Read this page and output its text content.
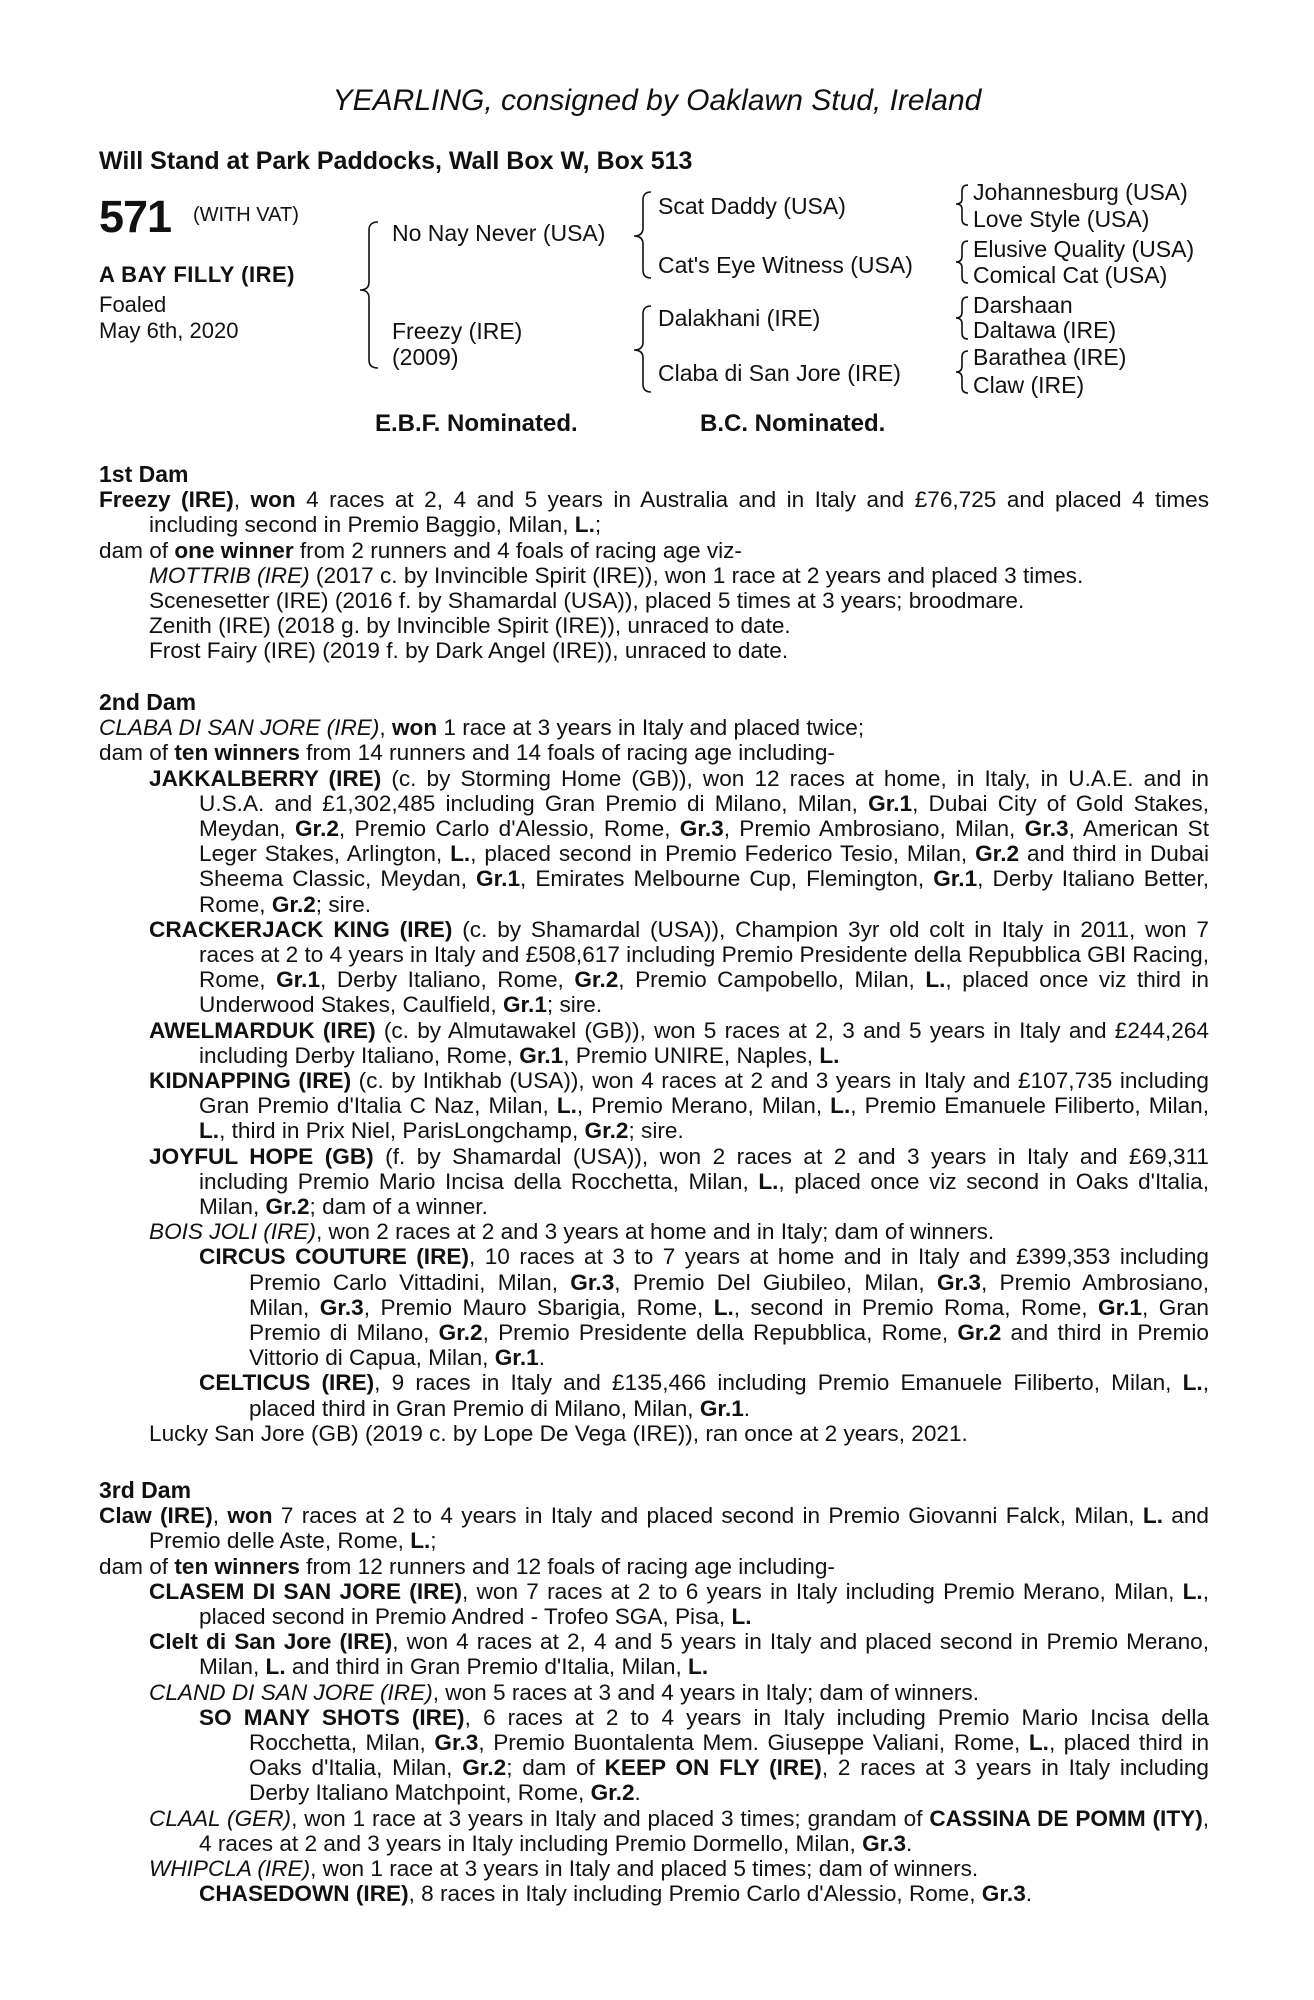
YEARLING, consigned by Oaklawn Stud, Ireland
Will Stand at Park Paddocks, Wall Box W, Box 513
571 (WITH VAT)
A BAY FILLY (IRE)
Foaled
May 6th, 2020
No Nay Never (USA)
Freezy (IRE)
(2009)
Scat Daddy (USA)
Cat's Eye Witness (USA)
Dalakhani (IRE)
Claba di San Jore (IRE)
Johannesburg (USA)
Love Style (USA)
Elusive Quality (USA)
Comical Cat (USA)
Darshaan
Daltawa (IRE)
Barathea (IRE)
Claw (IRE)
E.B.F. Nominated.	B.C. Nominated.
1st Dam

Freezy (IRE), won 4 races at 2, 4 and 5 years in Australia and in Italy and £76,725 and placed 4 times including second in Premio Baggio, Milan, L.;

dam of one winner from 2 runners and 4 foals of racing age viz-

MOTTRIB (IRE) (2017 c. by Invincible Spirit (IRE)), won 1 race at 2 years and placed 3 times.

Scenesetter (IRE) (2016 f. by Shamardal (USA)), placed 5 times at 3 years; broodmare.

Zenith (IRE) (2018 g. by Invincible Spirit (IRE)), unraced to date.

Frost Fairy (IRE) (2019 f. by Dark Angel (IRE)), unraced to date.

2nd Dam

CLABA DI SAN JORE (IRE), won 1 race at 3 years in Italy and placed twice;

dam of ten winners from 14 runners and 14 foals of racing age including-

JAKKALBERRY (IRE) (c. by Storming Home (GB)), won 12 races at home, in Italy, in U.A.E. and in U.S.A. and £1,302,485 including Gran Premio di Milano, Milan, Gr.1, Dubai City of Gold Stakes, Meydan, Gr.2, Premio Carlo d'Alessio, Rome, Gr.3, Premio Ambrosiano, Milan, Gr.3, American St Leger Stakes, Arlington, L., placed second in Premio Federico Tesio, Milan, Gr.2 and third in Dubai Sheema Classic, Meydan, Gr.1, Emirates Melbourne Cup, Flemington, Gr.1, Derby Italiano Better, Rome, Gr.2; sire.

CRACKERJACK KING (IRE) (c. by Shamardal (USA)), Champion 3yr old colt in Italy in 2011, won 7 races at 2 to 4 years in Italy and £508,617 including Premio Presidente della Repubblica GBI Racing, Rome, Gr.1, Derby Italiano, Rome, Gr.2, Premio Campobello, Milan, L., placed once viz third in Underwood Stakes, Caulfield, Gr.1; sire.

AWELMARDUK (IRE) (c. by Almutawakel (GB)), won 5 races at 2, 3 and 5 years in Italy and £244,264 including Derby Italiano, Rome, Gr.1, Premio UNIRE, Naples, L.

KIDNAPPING (IRE) (c. by Intikhab (USA)), won 4 races at 2 and 3 years in Italy and £107,735 including Gran Premio d'Italia C Naz, Milan, L., Premio Merano, Milan, L., Premio Emanuele Filiberto, Milan, L., third in Prix Niel, ParisLongchamp, Gr.2; sire.

JOYFUL HOPE (GB) (f. by Shamardal (USA)), won 2 races at 2 and 3 years in Italy and £69,311 including Premio Mario Incisa della Rocchetta, Milan, L., placed once viz second in Oaks d'Italia, Milan, Gr.2; dam of a winner.

BOIS JOLI (IRE), won 2 races at 2 and 3 years at home and in Italy; dam of winners.

CIRCUS COUTURE (IRE), 10 races at 3 to 7 years at home and in Italy and £399,353 including Premio Carlo Vittadini, Milan, Gr.3, Premio Del Giubileo, Milan, Gr.3, Premio Ambrosiano, Milan, Gr.3, Premio Mauro Sbarigia, Rome, L., second in Premio Roma, Rome, Gr.1, Gran Premio di Milano, Gr.2, Premio Presidente della Repubblica, Rome, Gr.2 and third in Premio Vittorio di Capua, Milan, Gr.1.

CELTICUS (IRE), 9 races in Italy and £135,466 including Premio Emanuele Filiberto, Milan, L., placed third in Gran Premio di Milano, Milan, Gr.1.

Lucky San Jore (GB) (2019 c. by Lope De Vega (IRE)), ran once at 2 years, 2021.

3rd Dam

Claw (IRE), won 7 races at 2 to 4 years in Italy and placed second in Premio Giovanni Falck, Milan, L. and Premio delle Aste, Rome, L.;

dam of ten winners from 12 runners and 12 foals of racing age including-

CLASEM DI SAN JORE (IRE), won 7 races at 2 to 6 years in Italy including Premio Merano, Milan, L., placed second in Premio Andred - Trofeo SGA, Pisa, L.

Clelt di San Jore (IRE), won 4 races at 2, 4 and 5 years in Italy and placed second in Premio Merano, Milan, L. and third in Gran Premio d'Italia, Milan, L.

CLAND DI SAN JORE (IRE), won 5 races at 3 and 4 years in Italy; dam of winners.

SO MANY SHOTS (IRE), 6 races at 2 to 4 years in Italy including Premio Mario Incisa della Rocchetta, Milan, Gr.3, Premio Buontalenta Mem. Giuseppe Valiani, Rome, L., placed third in Oaks d'Italia, Milan, Gr.2; dam of KEEP ON FLY (IRE), 2 races at 3 years in Italy including Derby Italiano Matchpoint, Rome, Gr.2.

CLAAL (GER), won 1 race at 3 years in Italy and placed 3 times; grandam of CASSINA DE POMM (ITY), 4 races at 2 and 3 years in Italy including Premio Dormello, Milan, Gr.3.

WHIPCLA (IRE), won 1 race at 3 years in Italy and placed 5 times; dam of winners.

CHASEDOWN (IRE), 8 races in Italy including Premio Carlo d'Alessio, Rome, Gr.3.
